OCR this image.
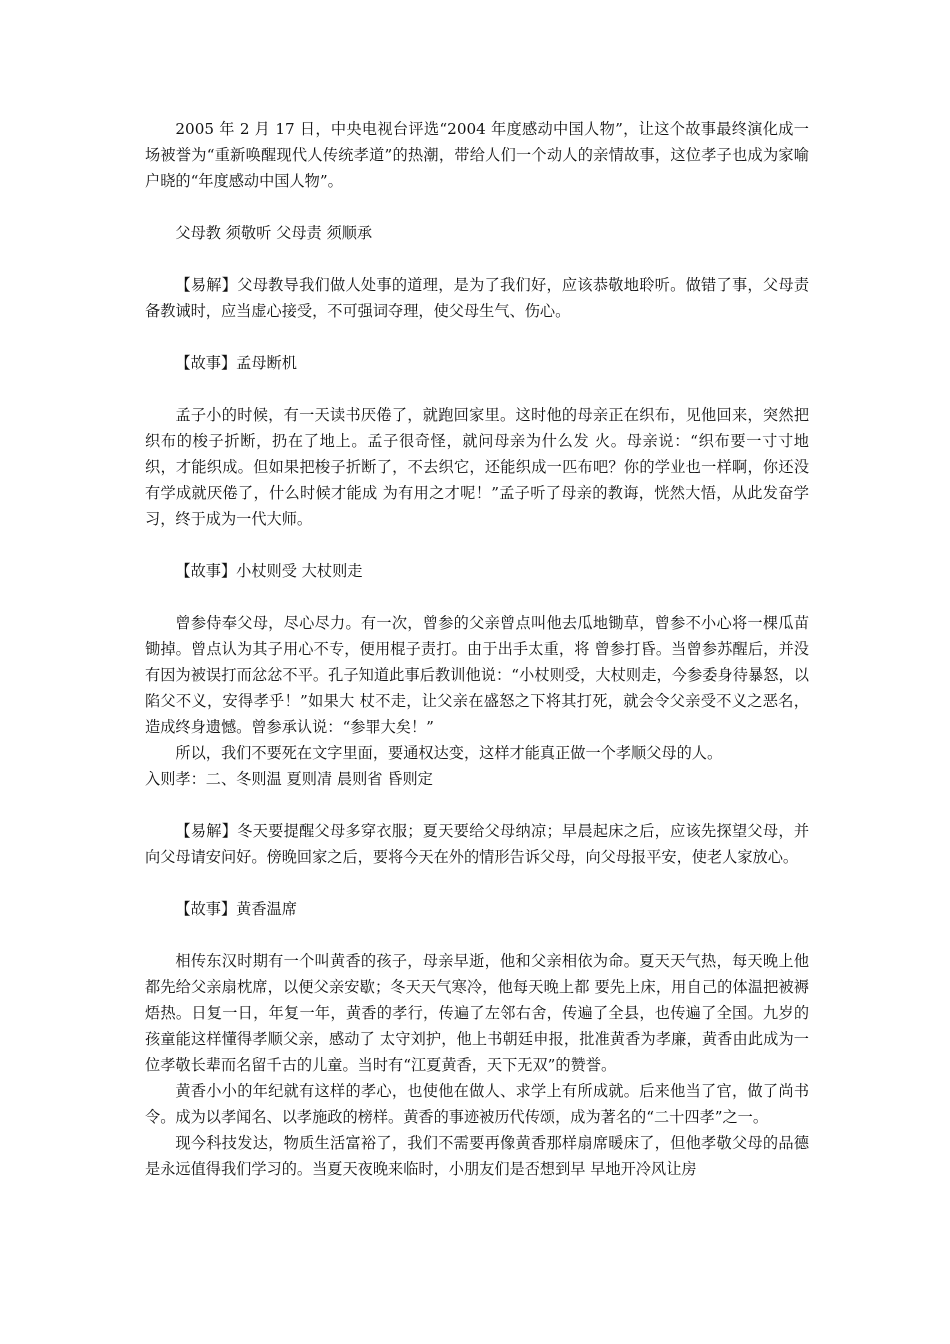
2005 年 2 月 17 日，中央电视台评选“2004 年度感动中国人物”，让这个故事最终演化成一场被誉为“重新唤醒现代人传统孝道”的热潮，带给人们一个动人的亲情故事，这位孝子也成为家喻户晓的“年度感动中国人物”。

父母教 须敬听 父母责 须顺承

【易解】父母教导我们做人处事的道理，是为了我们好，应该恭敬地聆听。做错了事，父母责备教诫时，应当虚心接受，不可强词夺理，使父母生气、伤心。

【故事】孟母断机

孟子小的时候，有一天读书厌倦了，就跑回家里。这时他的母亲正在织布，见他回来，突然把织布的梭子折断，扔在了地上。孟子很奇怪，就问母亲为什么发 火。母亲说：“织布要一寸寸地织，才能织成。但如果把梭子折断了，不去织它，还能织成一匹布吧？你的学业也一样啊，你还没有学成就厌倦了，什么时候才能成 为有用之才呢！”孟子听了母亲的教诲，恍然大悟，从此发奋学习，终于成为一代大师。

【故事】小杖则受 大杖则走

曾参侍奉父母，尽心尽力。有一次，曾参的父亲曾点叫他去瓜地锄草，曾参不小心将一棵瓜苗锄掉。曾点认为其子用心不专，便用棍子责打。由于出手太重，将 曾参打昏。当曾参苏醒后，并没有因为被误打而忿忿不平。孔子知道此事后教训他说：“小杖则受，大杖则走，今参委身待暴怒，以陷父不义，安得孝乎！”如果大 杖不走，让父亲在盛怒之下将其打死，就会令父亲受不义之恶名，造成终身遗憾。曾参承认说：“参罪大矣！”

所以，我们不要死在文字里面，要通权达变，这样才能真正做一个孝顺父母的人。

入则孝：二、冬则温 夏则凊 晨则省 昏则定

【易解】冬天要提醒父母多穿衣服；夏天要给父母纳凉；早晨起床之后，应该先探望父母，并向父母请安问好。傍晚回家之后，要将今天在外的情形告诉父母，向父母报平安，使老人家放心。

【故事】黄香温席

相传东汉时期有一个叫黄香的孩子，母亲早逝，他和父亲相依为命。夏天天气热，每天晚上他都先给父亲扇枕席，以便父亲安歇；冬天天气寒冷，他每天晚上都 要先上床，用自己的体温把被褥焐热。日复一日，年复一年，黄香的孝行，传遍了左邻右舍，传遍了全县，也传遍了全国。九岁的孩童能这样懂得孝顺父亲，感动了 太守刘护，他上书朝廷申报，批准黄香为孝廉，黄香由此成为一位孝敬长辈而名留千古的儿童。当时有“江夏黄香，天下无双”的赞誉。

黄香小小的年纪就有这样的孝心，也使他在做人、求学上有所成就。后来他当了官，做了尚书令。成为以孝闻名、以孝施政的榜样。黄香的事迹被历代传颂，成为著名的“二十四孝”之一。

现今科技发达，物质生活富裕了，我们不需要再像黄香那样扇席暖床了，但他孝敬父母的品德是永远值得我们学习的。当夏天夜晚来临时，小朋友们是否想到早 早地开冷风让房
